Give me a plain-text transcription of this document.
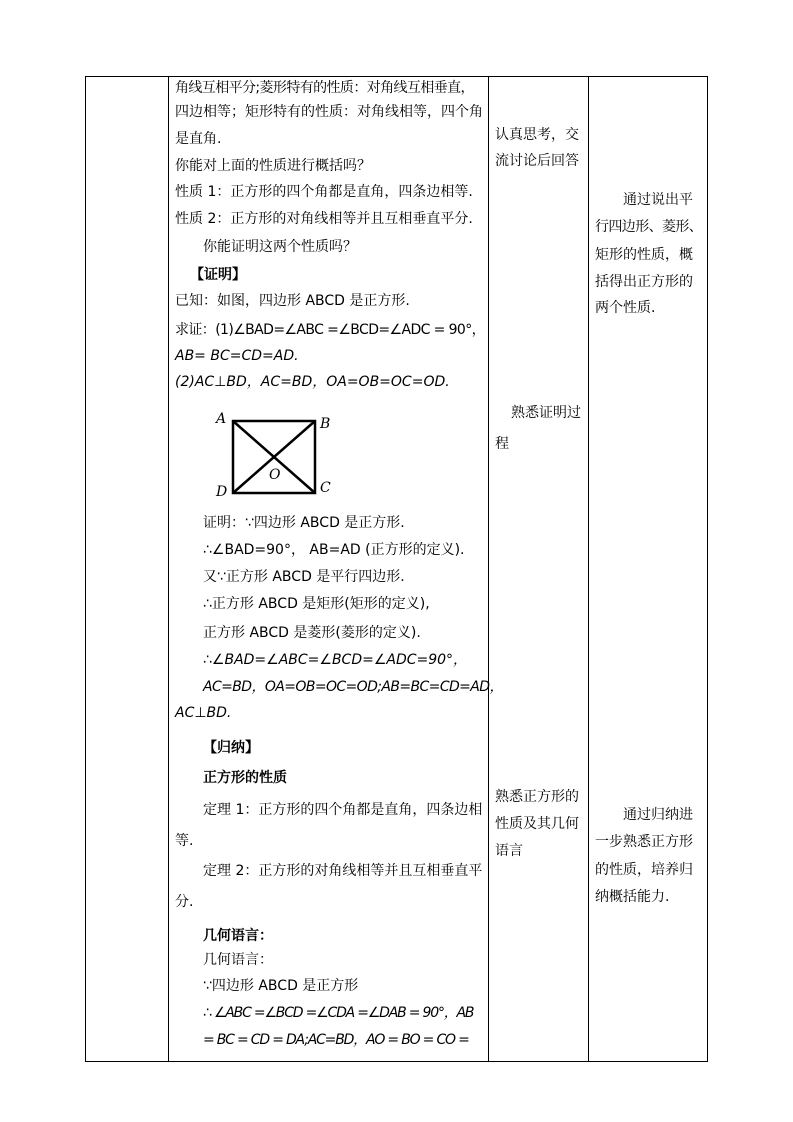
角线互相平分;菱形特有的性质：对角线互相垂直，
四边相等；矩形特有的性质：对角线相等，四个角
是直角.
你能对上面的性质进行概括吗？
性质 1：正方形的四个角都是直角，四条边相等.
性质 2：正方形的对角线相等并且互相垂直平分.
你能证明这两个性质吗？
【证明】
已知：如图，四边形 ABCD 是正方形.
求证：(1)∠BAD=∠ABC =∠BCD=∠ADC = 90°，
AB= BC=CD=AD.
(2)AC⊥BD，AC=BD，OA=OB=OC=OD.
A	B
C
D
O
证明：∵四边形 ABCD 是正方形.
∴∠BAD=90°， AB=AD (正方形的定义).
又∵正方形 ABCD 是平行四边形.
∴正方形 ABCD 是矩形(矩形的定义),
正方形 ABCD 是菱形(菱形的定义).
∴∠BAD=∠ABC=∠BCD=∠ADC=90°，
AC=BD，OA=OB=OC=OD;AB=BC=CD=AD，
AC⊥BD.
【归纳】
正方形的性质
定理 1：正方形的四个角都是直角，四条边相
等.
定理 2：正方形的对角线相等并且互相垂直平
分.
几何语言：
几何语言：
∵四边形 ABCD 是正方形
∴ ∠ABC =∠BCD =∠CDA =∠DAB = 90°，AB
= BC = CD = DA;AC=BD，AO = BO = CO =
认真思考，交
流讨论后回答
熟悉证明过
程
熟悉正方形的
性质及其几何
语言
通过说出平
行四边形、菱形、
矩形的性质，概
括得出正方形的
两个性质.
通过归纳进
一步熟悉正方形
的性质，培养归
纳概括能力.
